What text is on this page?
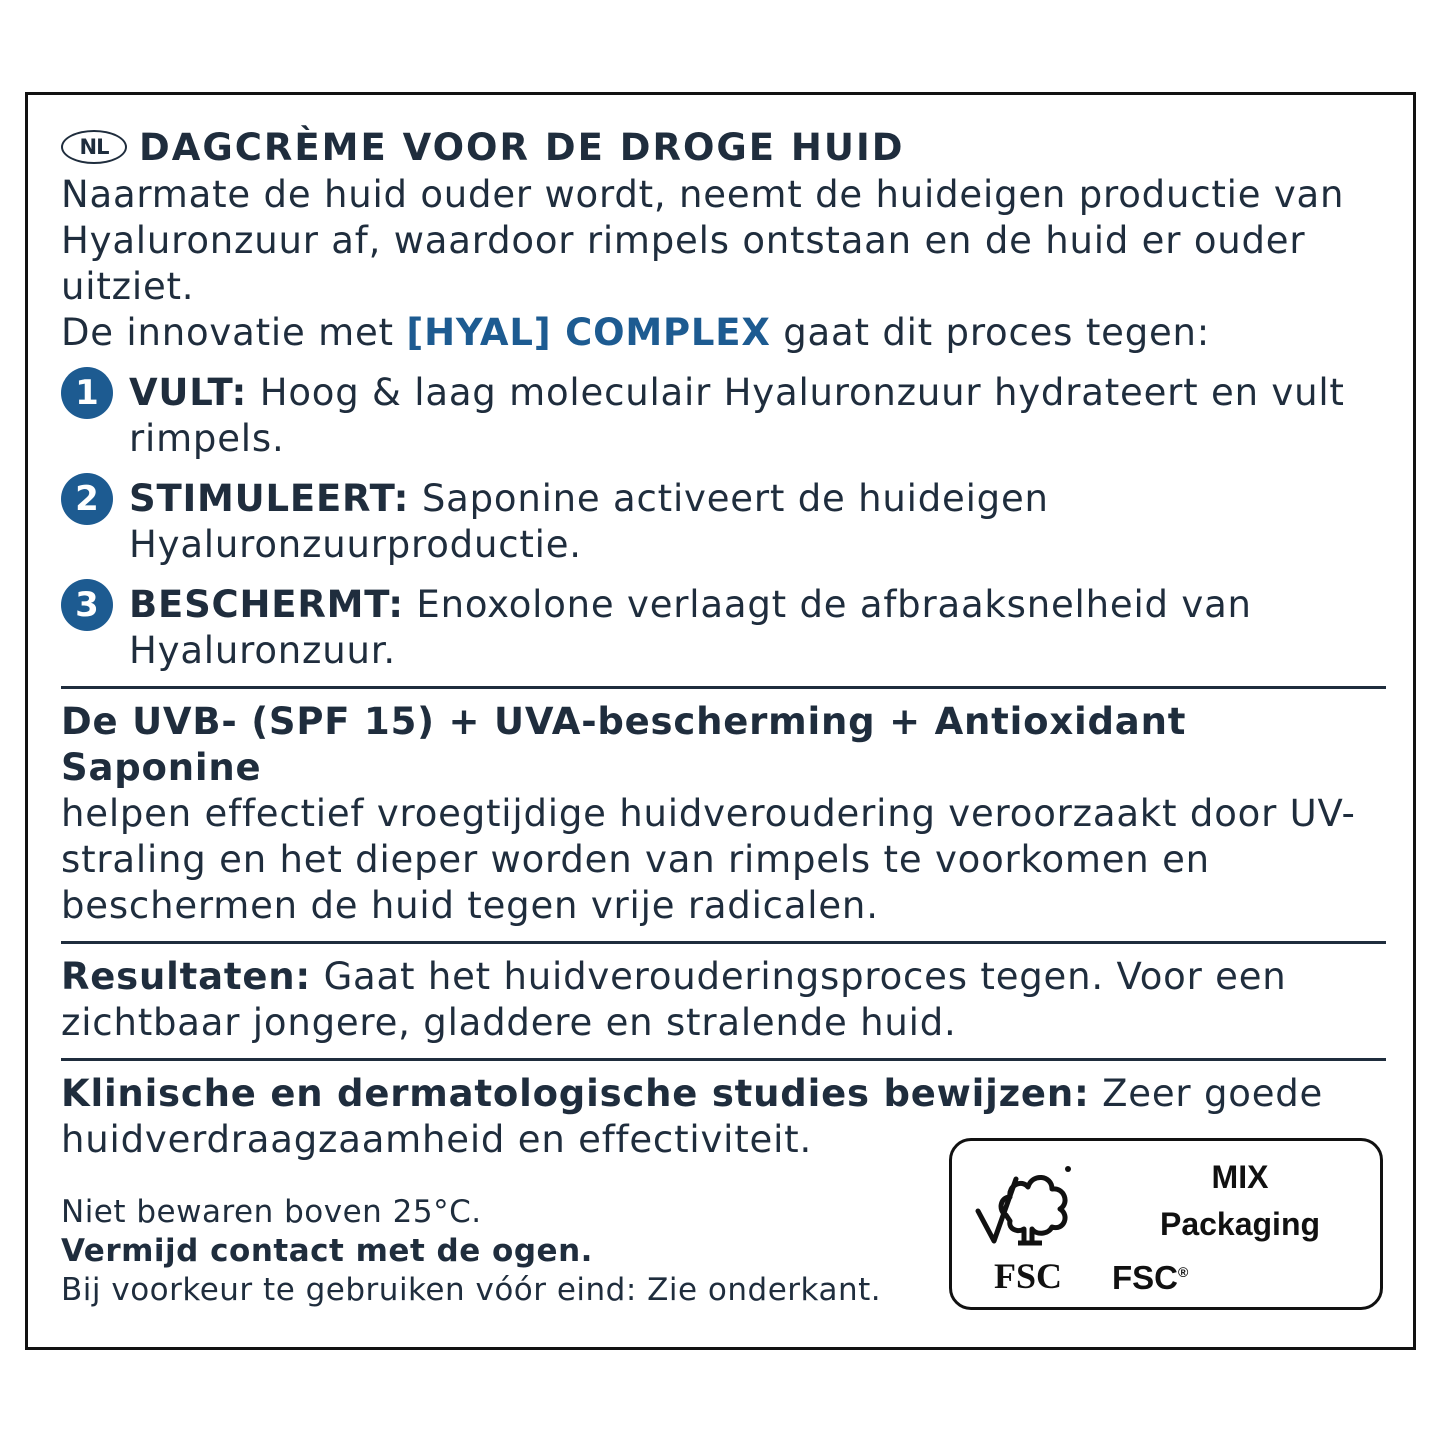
NL DAGCRÈME VOOR DE DROGE HUID

Naarmate de huid ouder wordt, neemt de huideigen productie van Hyaluronzuur af, waardoor rimpels ontstaan en de huid er ouder uitziet.

De innovatie met [HYAL] COMPLEX gaat dit proces tegen:

1 VULT: Hoog & laag moleculair Hyaluronzuur hydrateert en vult rimpels.

2 STIMULEERT: Saponine activeert de huideigen Hyaluronzuurproductie.

3 BESCHERMT: Enoxolone verlaagt de afbraaksnelheid van Hyaluronzuur.

De UVB- (SPF 15) + UVA-bescherming + Antioxidant Saponine

helpen effectief vroegtijdige huidveroudering veroorzaakt door UV-straling en het dieper worden van rimpels te voorkomen en beschermen de huid tegen vrije radicalen.

Resultaten: Gaat het huidverouderingsproces tegen. Voor een zichtbaar jongere, gladdere en stralende huid.

Klinische en dermatologische studies bewijzen: Zeer goede huidverdraagzaamheid en effectiviteit.

Niet bewaren boven 25°C.
Vermijd contact met de ogen.
Bij voorkeur te gebruiken vóór eind: Zie onderkant.
MIX
Packaging
FSC FSC®
